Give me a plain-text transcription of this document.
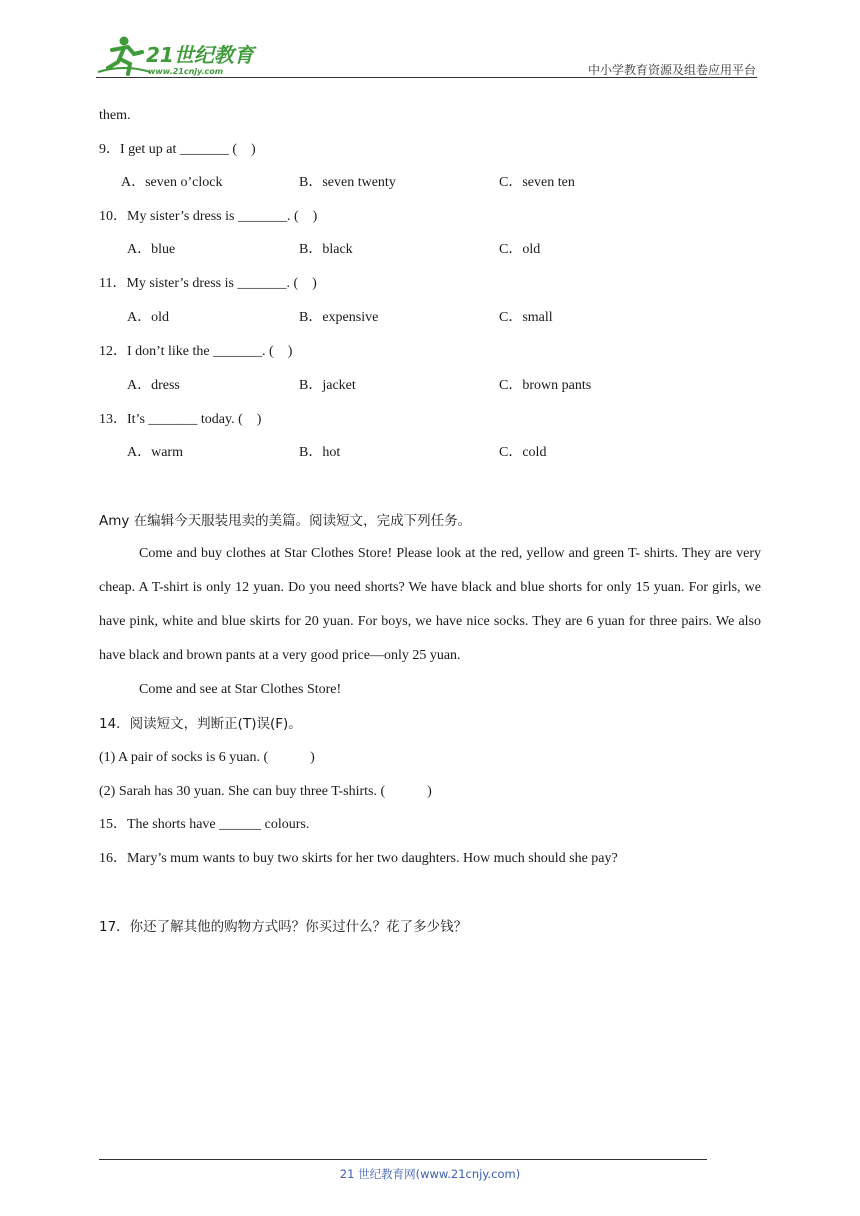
21世纪教育
www.21cnjy.com	中小学教育资源及组卷应用平台
them.
9．I get up at _______ (　)
A．seven o’clock	B．seven twenty	C．seven ten
10．My sister’s dress is _______. (　)
A．blue	B．black	C．old
11．My sister’s dress is _______. (　)
A．old	B．expensive	C．small
12．I don’t like the _______. (　)
A．dress	B．jacket	C．brown pants
13．It’s _______ today. (　)
A．warm	B．hot	C．cold
Amy 在编辑今天服装甩卖的美篇。阅读短文，完成下列任务。
Come and buy clothes at Star Clothes Store! Please look at the red, yellow and green T- shirts. They are very cheap. A T-shirt is only 12 yuan. Do you need shorts? We have black and blue shorts for only 15 yuan. For girls, we have pink, white and blue skirts for 20 yuan. For boys, we have nice socks. They are 6 yuan for three pairs. We also have black and brown pants at a very good price—only 25 yuan.
Come and see at Star Clothes Store!
14．阅读短文，判断正(T)误(F)。
(1) A pair of socks is 6 yuan. (　　　)
(2) Sarah has 30 yuan. She can buy three T-shirts. (　　　)
15．The shorts have ______ colours.
16．Mary’s mum wants to buy two skirts for her two daughters. How much should she pay?
17．你还了解其他的购物方式吗？你买过什么？花了多少钱？
21 世纪教育网(www.21cnjy.com)
